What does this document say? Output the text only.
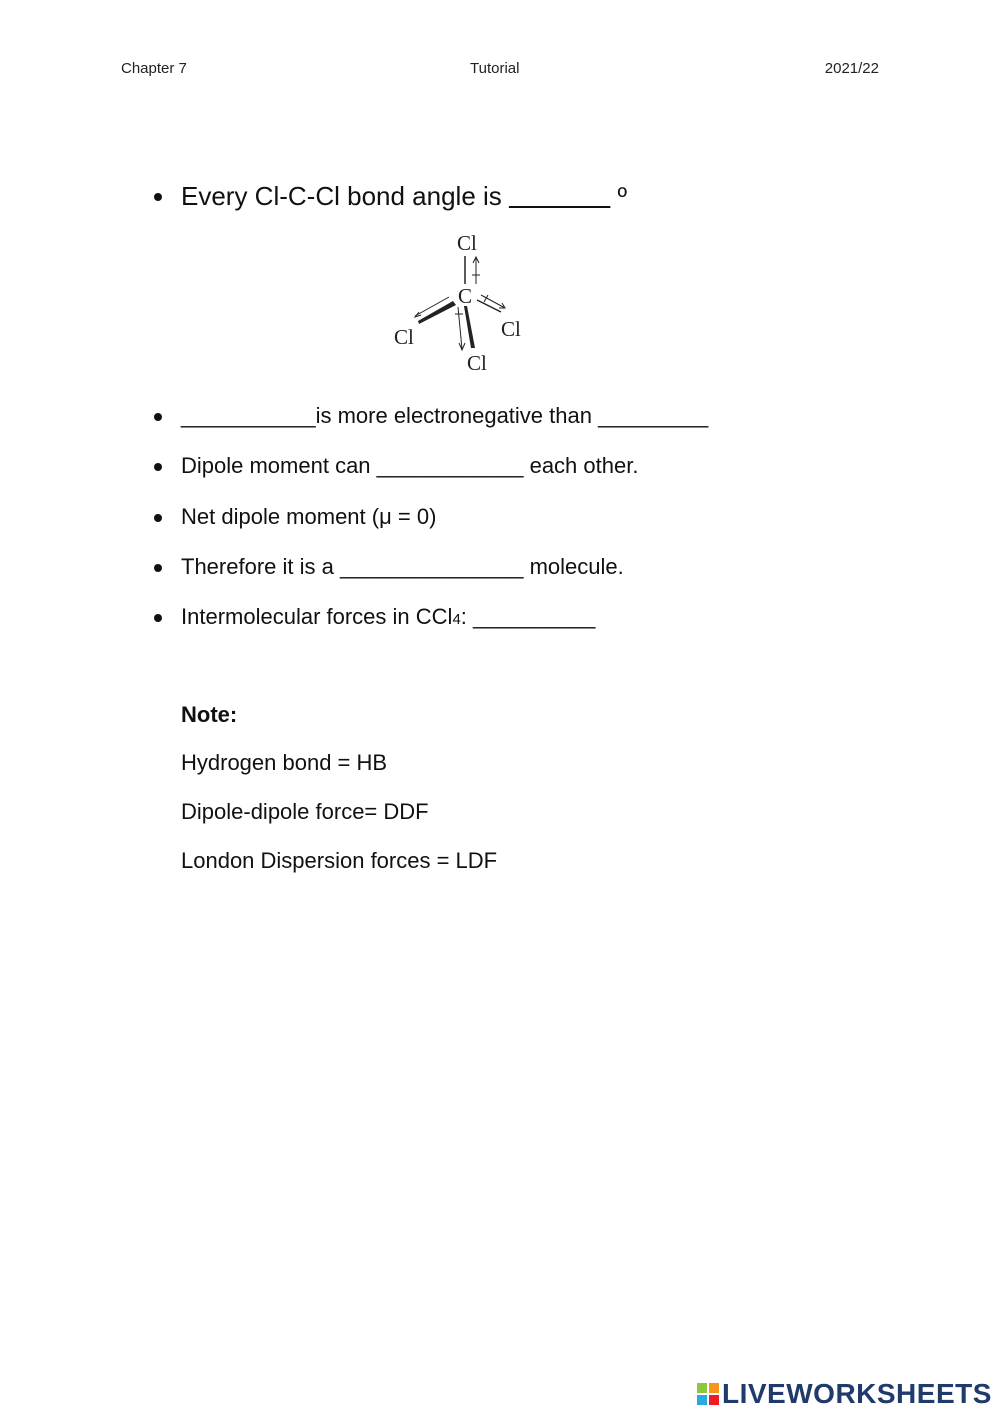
Chapter 7	Tutorial	2021/22
Every Cl-C-Cl bond angle is _______ º
Cl
C
Cl	Cl
Cl
___________is more electronegative than _________
Dipole moment can ____________ each other.
Net dipole moment (μ = 0)
Therefore it is a _______________ molecule.
Intermolecular forces in CCl4: __________
Note:
Hydrogen bond = HB
Dipole-dipole force= DDF
London Dispersion forces = LDF
LIVEWORKSHEETS
